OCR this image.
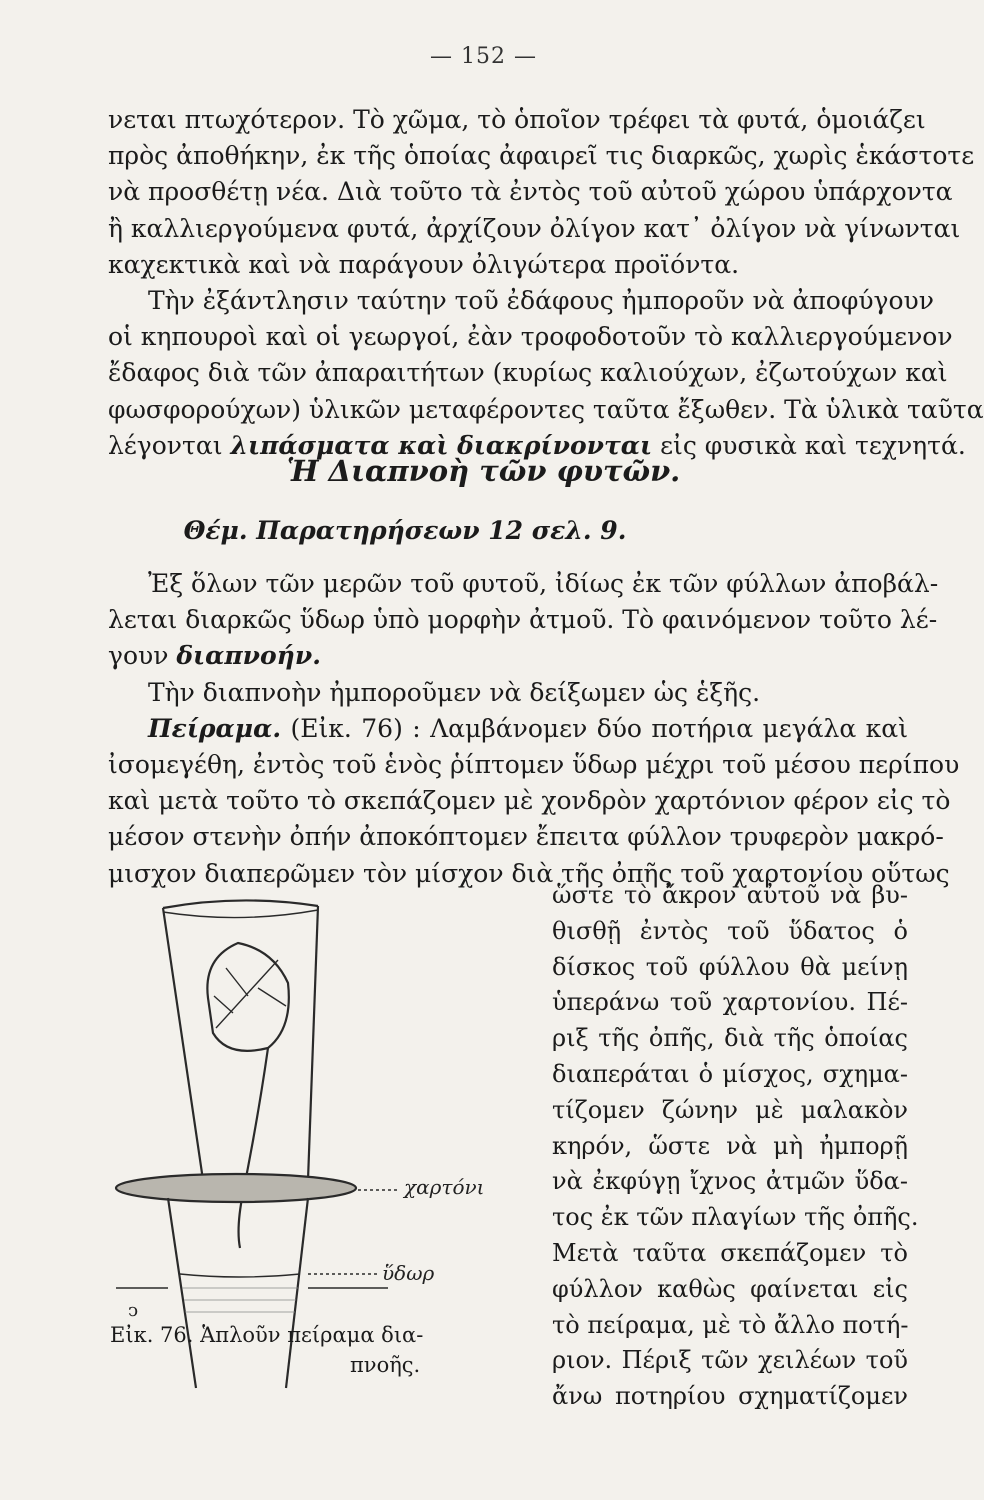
— 152 —
νεται πτωχότερον. Τὸ χῶμα, τὸ ὁποῖον τρέφει τὰ φυτά, ὁμοιάζει
πρὸς ἀποθήκην, ἐκ τῆς ὁποίας ἀφαιρεῖ τις διαρκῶς, χωρὶς ἑκάστοτε
νὰ προσθέτῃ νέα. Διὰ τοῦτο τὰ ἐντὸς τοῦ αὐτοῦ χώρου ὑπάρχοντα
ἢ καλλιεργούμενα φυτά, ἀρχίζουν ὀλίγον κατ᾿ ὀλίγον νὰ γίνωνται
καχεκτικὰ καὶ νὰ παράγουν ὀλιγώτερα προϊόντα.
Τὴν ἐξάντλησιν ταύτην τοῦ ἐδάφους ἠμποροῦν νὰ ἀποφύγουν
οἱ κηπουροὶ καὶ οἱ γεωργοί, ἐὰν τροφοδοτοῦν τὸ καλλιεργούμενον
ἔδαφος διὰ τῶν ἀπαραιτήτων (κυρίως καλιούχων, ἐζωτούχων καὶ
φωσφορούχων) ὑλικῶν μεταφέροντες ταῦτα ἔξωθεν. Τὰ ὑλικὰ ταῦτα
λέγονται λιπάσματα καὶ διακρίνονται εἰς φυσικὰ καὶ τεχνητά.
Ἡ Διαπνοὴ τῶν φυτῶν.
Θέμ. Παρατηρήσεων 12 σελ. 9.
Ἐξ ὅλων τῶν μερῶν τοῦ φυτοῦ, ἰδίως ἐκ τῶν φύλλων ἀποβάλ-
λεται διαρκῶς ὕδωρ ὑπὸ μορφὴν ἀτμοῦ. Τὸ φαινόμενον τοῦτο λέ-
γουν διαπνοήν.
Τὴν διαπνοὴν ἠμποροῦμεν νὰ δείξωμεν ὡς ἑξῆς.
Πείραμα. (Εἰκ. 76) : Λαμβάνομεν δύο ποτήρια μεγάλα καὶ
ἰσομεγέθη, ἐντὸς τοῦ ἑνὸς ῥίπτομεν ὕδωρ μέχρι τοῦ μέσου περίπου
καὶ μετὰ τοῦτο τὸ σκεπάζομεν μὲ χονδρὸν χαρτόνιον φέρον εἰς τὸ
μέσον στενὴν ὀπήν ἀποκόπτομεν ἔπειτα φύλλον τρυφερὸν μακρό-
μισχον διαπερῶμεν τὸν μίσχον διὰ τῆς ὀπῆς τοῦ χαρτονίου οὕτως
ὥστε τὸ ἄκρον αὐτοῦ νὰ βυ-
θισθῇ ἐντὸς τοῦ ὕδατος ὁ
δίσκος τοῦ φύλλου θὰ μείνῃ
ὑπεράνω τοῦ χαρτονίου. Πέ-
ριξ τῆς ὀπῆς, διὰ τῆς ὁποίας
διαπεράται ὁ μίσχος, σχημα-
τίζομεν ζώνην μὲ μαλακὸν
κηρόν, ὥστε νὰ μὴ ἠμπορῇ
νὰ ἐκφύγῃ ἴχνος ἀτμῶν ὕδα-
τος ἐκ τῶν πλαγίων τῆς ὀπῆς.
Μετὰ ταῦτα σκεπάζομεν τὸ
φύλλον καθὼς φαίνεται εἰς
τὸ πείραμα, μὲ τὸ ἄλλο ποτή-
ριον. Πέριξ τῶν χειλέων τοῦ
ἄνω ποτηρίου σχηματίζομεν
χαρτόνι
ὕδωρ
ↄ
Εἰκ. 76. Ἁπλοῦν πείραμα δια-
πνοῆς.
